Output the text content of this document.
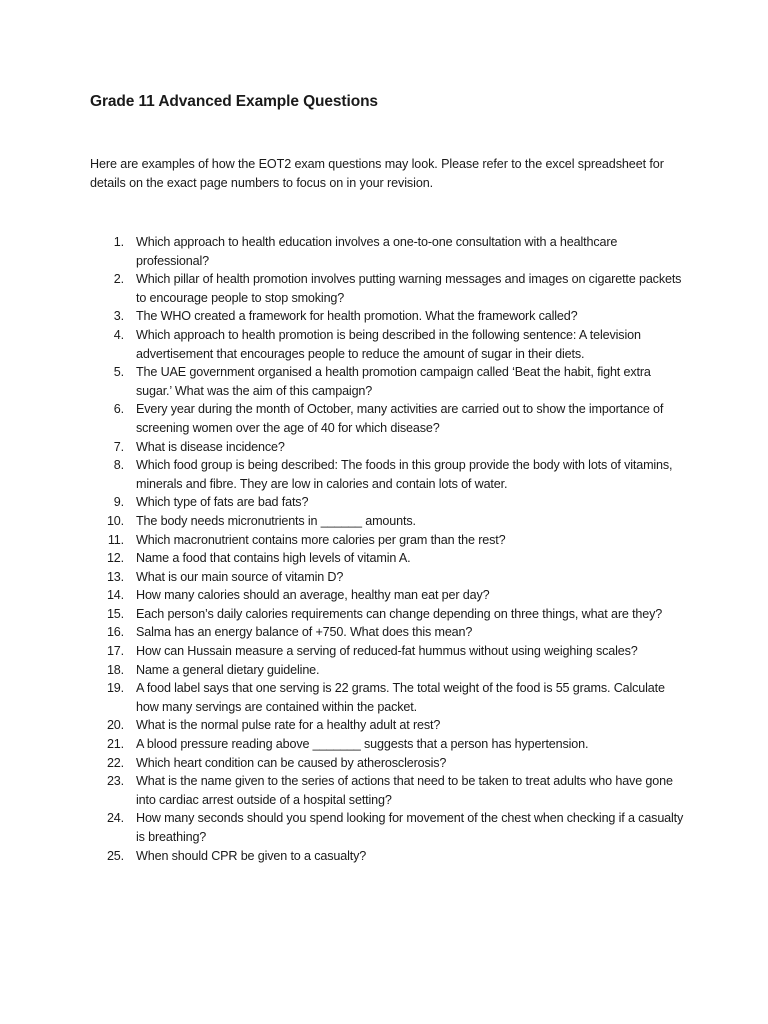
Grade 11 Advanced Example Questions
Here are examples of how the EOT2 exam questions may look. Please refer to the excel spreadsheet for details on the exact page numbers to focus on in your revision.
1. Which approach to health education involves a one-to-one consultation with a healthcare professional?
2. Which pillar of health promotion involves putting warning messages and images on cigarette packets to encourage people to stop smoking?
3. The WHO created a framework for health promotion. What the framework called?
4. Which approach to health promotion is being described in the following sentence: A television advertisement that encourages people to reduce the amount of sugar in their diets.
5. The UAE government organised a health promotion campaign called ‘Beat the habit, fight extra sugar.’ What was the aim of this campaign?
6. Every year during the month of October, many activities are carried out to show the importance of screening women over the age of 40 for which disease?
7. What is disease incidence?
8. Which food group is being described: The foods in this group provide the body with lots of vitamins, minerals and fibre. They are low in calories and contain lots of water.
9. Which type of fats are bad fats?
10. The body needs micronutrients in ______ amounts.
11. Which macronutrient contains more calories per gram than the rest?
12. Name a food that contains high levels of vitamin A.
13. What is our main source of vitamin D?
14. How many calories should an average, healthy man eat per day?
15. Each person’s daily calories requirements can change depending on three things, what are they?
16. Salma has an energy balance of +750. What does this mean?
17. How can Hussain measure a serving of reduced-fat hummus without using weighing scales?
18. Name a general dietary guideline.
19. A food label says that one serving is 22 grams. The total weight of the food is 55 grams. Calculate how many servings are contained within the packet.
20. What is the normal pulse rate for a healthy adult at rest?
21. A blood pressure reading above _______ suggests that a person has hypertension.
22. Which heart condition can be caused by atherosclerosis?
23. What is the name given to the series of actions that need to be taken to treat adults who have gone into cardiac arrest outside of a hospital setting?
24. How many seconds should you spend looking for movement of the chest when checking if a casualty is breathing?
25. When should CPR be given to a casualty?
